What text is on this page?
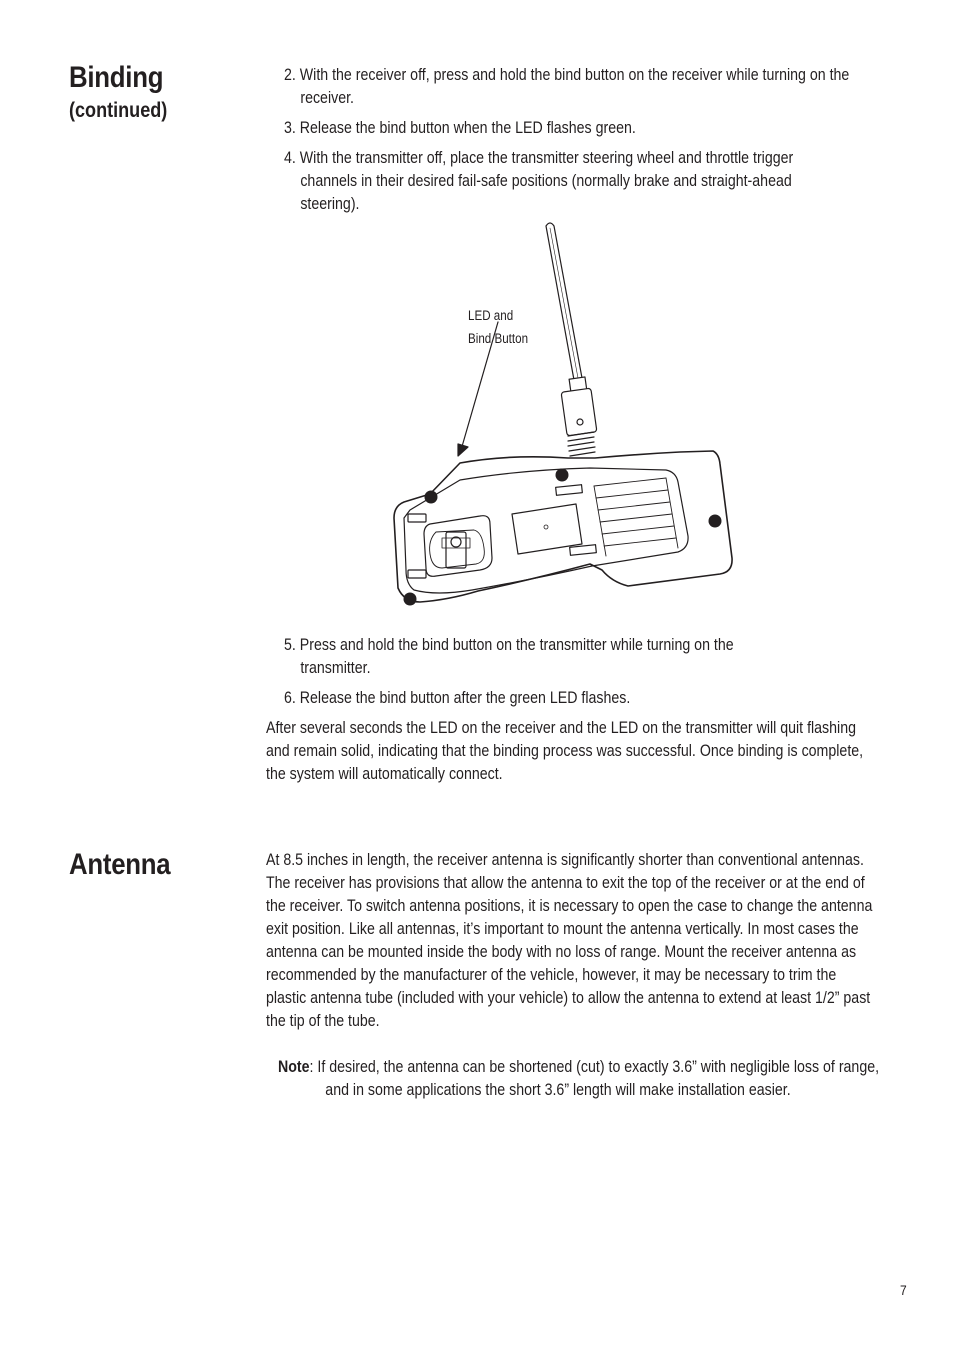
Binding
(continued)

2. With the receiver off, press and hold the bind button on the receiver while turning on the receiver.

3. Release the bind button when the LED flashes green.

4. With the transmitter off, place the transmitter steering wheel and throttle trigger channels in their desired fail-safe positions (normally brake and straight-ahead steering).

LED and
Bind Button

5. Press and hold the bind button on the transmitter while turning on the transmitter.

6. Release the bind button after the green LED flashes.

After several seconds the LED on the receiver and the LED on the transmitter will quit flashing and remain solid, indicating that the binding process was successful. Once binding is complete, the system will automatically connect.

Antenna	At 8.5 inches in length, the receiver antenna is significantly shorter than conventional antennas. The receiver has provisions that allow the antenna to exit the top of the receiver or at the end of the receiver. To switch antenna positions, it is necessary to open the case to change the antenna exit position. Like all antennas, it’s important to mount the antenna vertically. In most cases the antenna can be mounted inside the body with no loss of range. Mount the receiver antenna as recommended by the manufacturer of the vehicle, however, it may be necessary to trim the plastic antenna tube (included with your vehicle) to allow the antenna to extend at least 1/2” past the tip of the tube.

Note: If desired, the antenna can be shortened (cut) to exactly 3.6” with negligible loss of range, and in some applications the short 3.6” length will make installation easier.

7
